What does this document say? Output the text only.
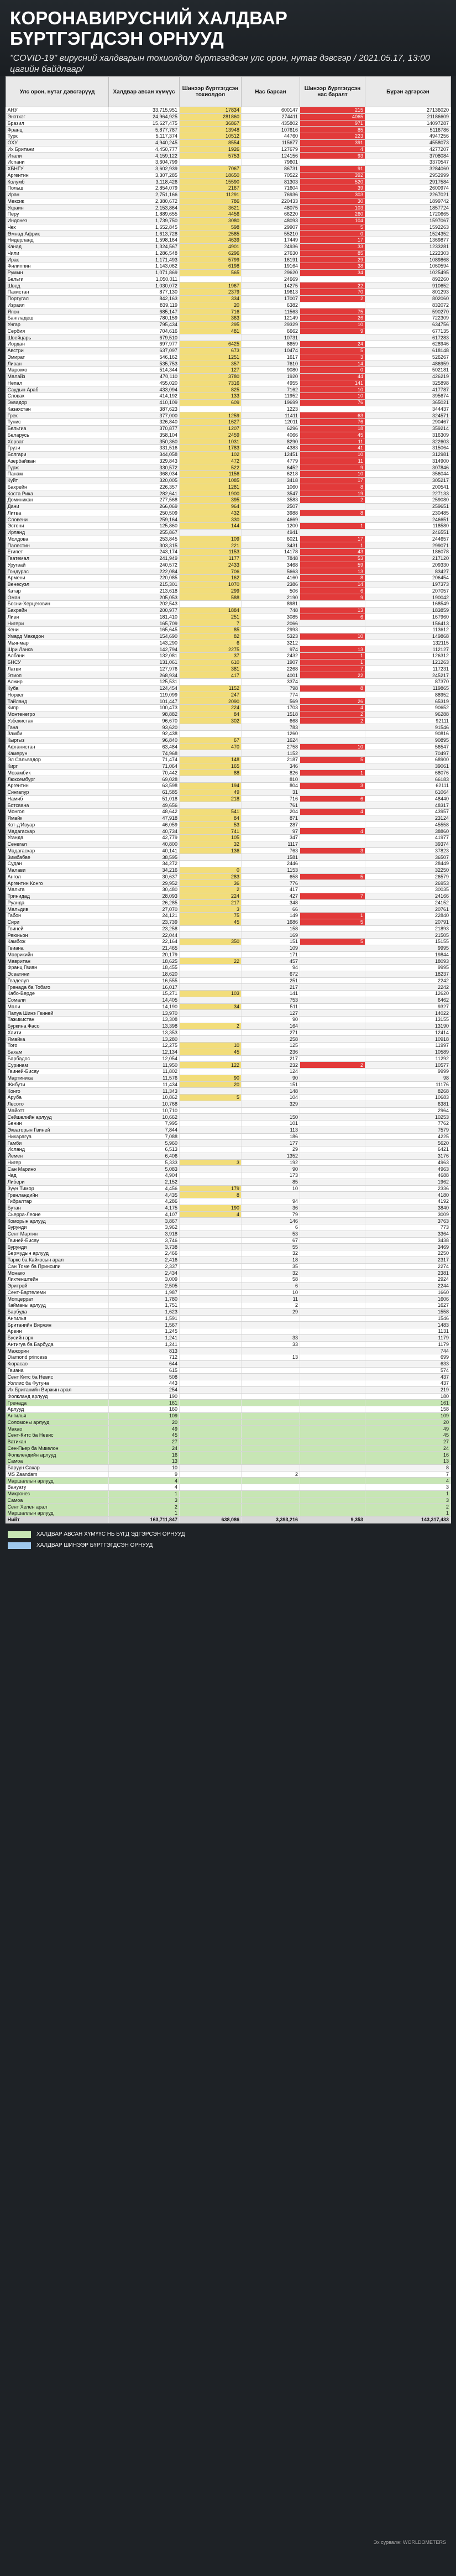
КОРОНАВИРУСНИЙ ХАЛДВАР
БҮРТГЭГДСЭН ОРНУУД
"COVID-19" вирусний халдварын тохиолдол бүртгэгдсэн улс орон, нутаг дэвсгэр / 2021.05.17, 13:00 цагийн байдлаар/
Улс орон, нутаг дэвсгэрүүд	Халдвар авсан хүмүүс	Шинээр бүртгэгдсэн тохиолдол	Нас барсан	Шинээр бүртгэгдсэн нас баралт	Бүрэн эдгэрсэн
АНУ	33,715,951	17834	600147	215	27136020
Энэтхэг	24,964,925	281860	274411	4065	21186609
Бразил	15,627,475	36867	435802	971	14097287
Франц	5,877,787	13948	107616	85	5116786
Турк	5,117,374	10512	44760	223	4947256
ОХУ	4,940,245	8554	115677	391	4558073
Их Британи	4,450,777	1926	127679	4	4277207
Итали	4,159,122	5753	124156	93	3708084
Испани	3,604,799		79601		3370547
ХБНГУ	3,602,939	7067	86731	91	3284060
Аргентин	3,307,285	18650	70522	392	2952999
Колумб	3,118,426	15590	81303	520	2917584
Польш	2,854,079	2167	71604	39	2600974
Иран	2,751,166	11291	76936	303	2267021
Мексик	2,380,672	786	220433	30	1899742
Украин	2,153,864	3621	48075	103	1857724
Перу	1,889,655	4456	66220	260	1720665
Индонез	1,739,750	3080	48093	104	1597067
Чех	1,652,845	598	29907	5	1592263
Өмнөд Африк	1,613,728	2585	55210	0	1524352
Нидерланд	1,598,164	4639	17449	17	1369877
Канад	1,324,567	4901	24936	33	1233281
Чили	1,286,548	6296	27630	85	1222303
Ирак	1,171,493	5799	16191	29	1089868
Филиппин	1,143,062	6198	19164	38	1060594
Румын	1,071,869	565	29620	34	1025495
Бельги	1,050,011		24669		892260
Швед	1,030,072	1967	14275	22	910652
Пакистан	877,130	2379	19613	70	801293
Португал	842,163	334	17007	2	802060
Израил	839,119	20	6382		832072
Япон	685,147	716	11563	75	590270
Бангладеш	780,159	363	12149	26	722309
Унгар	795,434	295	29329	10	634756
Сербия	704,616	481	6662	9	677135
Швейцарь	679,510		10731		617283
Иордан	697,977	6425	8659	24	628946
Австри	637,097	673	10474	5	618148
Эмират	546,162	1251	1617	3	526267
Ливан	535,753	357	7610	14	486959
Марокко	514,344	127	9080	0	502181
Малайз	470,110	3780	1920	44	426219
Непал	455,020	7316	4955	141	325898
Саудын Араб	433,094	825	7162	10	417787
Словак	414,192	133	11952	10	395674
Эквадор	410,109	609	19699	76	365021
Казахстан	387,623		1223		344437
Грек	377,000	1259	11411	63	324571
Тунис	326,840	1627	12011	76	290467
Бельгиа	370,877	1207	6296	18	359214
Беларусь	358,104	2459	4066	45	316309
Хорват	350,360	1031	8290	11	322603
Грузи	331,516	1783	4383	41	315064
Болгари	344,058	102	12451	10	312981
Азербайжан	329,843	472	4779	11	314900
Гүрж	330,572	522	6452	9	307846
Панам	368,034	1156	6218	10	356044
Куйт	320,005	1085	3418	17	305217
Бахрейн	226,357	1281	1060	8	200541
Коста Рика	282,641	1900	3547	19	227133
Доминикан	277,568	395	3583	2	259080
Дани	266,069	964	2507		259651
Литва	250,509	432	3988	8	230485
Словени	259,164	330	4669		246651
Эстони	125,860	144	1200	1	118580
Ирланд	255,867		4941		246551
Молдова	253,845	109	6021	17	244657
Палестин	303,315	221	3431	1	299071
Египет	243,174	1153	14178	43	186078
Гватемал	241,949	1177	7848	53	217120
Уругвай	240,572	2433	3468	59	209330
Гондурас	222,084	706	5663	13	83427
Армени	220,085	162	4160	8	206454
Венесуэл	215,301	1070	2386	14	197373
Катар	213,618	299	506	6	207057
Оман	205,053	588	2190	9	190042
Босни-Херцеговин	202,543		8981		168549
Бахрейн	200,977	1884	748	13	183859
Ливи	181,410	251	3085	6	167960
Нигери	165,709	7	2066		156413
Кени	165,645	85	2993		113612
Умард Македон	154,690	82	5323	10	149868
Мьянмар	143,290	6	3212		132115
Шри Ланка	142,794	2275	974	13	112127
Албани	132,081	37	2432	1	126312
БНСУ	131,061	610	1907	1	121263
Латви	127,976	381	2268	7	117231
Этиоп	268,934	417	4001	22	245217
Алжир	125,531		3374		87370
Куба	124,454	1152	798	8	119865
Норвег	119,099	247	774		88952
Тайланд	101,447	2090	569	26	65319
Кипр	100,473	224	1703	4	90652
Монтенегро	98,882	84	1518	2	96288
Узбекистан	96,670	302	668	2	92111
Гана	93,620		783		91546
Замби	92,438		1260		90816
Кыргыз	96,840	67	1624		90895
Афганистан	63,484	470	2758	10	56547
Камерун	74,968		1152		70497
Эл Сальвадор	71,474	148	2187	5	68900
Кирг	71,064	165	346		39061
Мозамбик	70,442	88	826	1	68076
Люксембург	69,028		810		66183
Аргентин	63,598	194	804	3	62111
Сингапур	61,585	49	31		61064
Намиб	51,018	218	716	6	48440
Ботсвана	49,656		761		48317
Монгол	48,642	541	204	4	43957
Ямайк	47,918	84	871		23124
Кот-д'Ивуар	46,059	53	287		45558
Мадагаскар	40,734	741	97	4	38860
Уганда	42,779	105	347		41977
Сенегал	40,800	32	1117		39374
Мадагаскар	40,141	136	763	3	37823
Зимбабве	38,595		1581		36507
Судан	34,272		2446		28449
Малави	34,216	0	1153		32250
Ангол	30,637	283	658	5	26579
Аргентин Конго	29,952	36	776		26953
Мальта	30,480	2	417		30035
Тринидад	28,093	224	427	7	24166
Руанда	26,285	217	348		24152
Мальдив	27,070	3	66		20761
Габон	24,121	75	149	1	22840
Сири	23,739	45	1686	5	20791
Гвиней	23,258		158		21893
Реюньон	22,044		169		21505
Камбож	22,164	350	151	5	15155
Гвиана	21,465		109		9995
Маврикийн	20,179		171		19844
Мавритан	18,625	22	457		18093
Франц Гвиан	18,455		94		9995
Эсватини	18,620		672		18237
Гваделуп	16,555		251		2242
Гренада ба Тобаго	16,017		217		2242
Кабо-Верде	15,271	103	141		12620
Сомали	14,405		753		6462
Мали	14,190	34	511		9327
Папуа Шинэ Гвиней	13,970		127		14022
Тажикистан	13,308		90		13155
Буркина Фасо	13,398	2	164		13190
Хаити	13,353		271		12414
Ямайка	13,280		258		10918
Того	12,275	10	125		11997
Бахам	12,134	45	236		10589
Барбадос	12,054		217		11292
Суринам	11,950	122	232	2	10577
Гвиней-Бисау	11,802		124		9999
Мартиника	11,576	90	90		98
Жибути	11,434	20	151		11176
Конго	11,343		148		8268
Аруба	10,862	5	104		10683
Лесото	10,768		329		6381
Майотт	10,710				2964
Сейшелийн арлууд	10,662		150		10253
Бенин	7,995		101		7762
Экваторын Гвиней	7,844		113		7579
Никарагуа	7,088		186		4225
Гамби	5,960		177		5620
Исланд	6,513		29		6421
Йемен	6,406		1352		3176
Нигер	5,333	3	192		4963
Сан Марино	5,083		90		4963
Чад	4,904		173		4688
Либери	2,152		85		1962
Зүүн Тимор	4,456	179	10		2336
Гренландийн	4,435	8			4180
Гибралтар	4,286		94		4192
Бутан	4,175	190	36		3840
Сьерра-Леоне	4,107	4	79		3009
Коморын арлууд	3,867		146		3763
Бурунди	3,962		6		773
Сент Мартин	3,918		53		3364
Гвиней-Бисау	3,746		67		3438
Бурунди	3,738		55		3469
Бермудын арлууд	2,466		32		2250
Таркс ба Кайкосын арал	2,416		18		2317
Сан Томе ба Принсипи	2,337		35		2274
Монако	2,434		32		2381
Лихтенштейн	3,009		58		2924
Эритрей	2,505		6		2244
Сент-Бартелеми	1,987		10		1660
Моnцеррат	1,780		11		1606
Кайманы арлууд	1,751		2		1627
Барбуда	1,623		29		1558
Ангилья	1,591				1546
Британийн Виржин	1,567				1483
Арвин	1,245				1131
Бүсийн эрх	1,241		33		1179
Антигуа ба Барбуда	1,241		33		1179
Мажорин	813				744
Diamond princess	712		13		699
Кюрасао	644				633
Гвиана	615				574
Сент Китс ба Невис	508				437
Уоллис ба Футуна	443				437
Их Британийн Виржин арал	254				219
Фолкланд арлууд	190				180
Гренада	161				161
Арлууд	160				158
Ангилья	109				109
Соломоны арлууд	20				20
Макао	49				49
Сент-Китс ба Невис	45				45
Ватикан	27				27
Сен-Пьер ба Микелон	24				24
Фолклендийн арлууд	16				16
Самоа	13				13
Баруун Сахар	10				8
MS Zaandam	9		2		7
Маршаллын арлууд	4				4
Вануату	4				3
Микронез	1				1
Самоа	3				3
Сент Хелен арал	2				2
Маршаллын арлууд	1				1
Нийт	163,711,847	638,086	3,393,216	9,353	143,317,433
ХАЛДВАР АВСАН ХҮМҮҮС НЬ БҮГД ЭДГЭРСЭН ОРНУУД
ХАЛДВАР ШИНЭЭР БҮРТГЭГДСЭН ОРНУУД
Эх сурвалж: WORLDOMETERS
